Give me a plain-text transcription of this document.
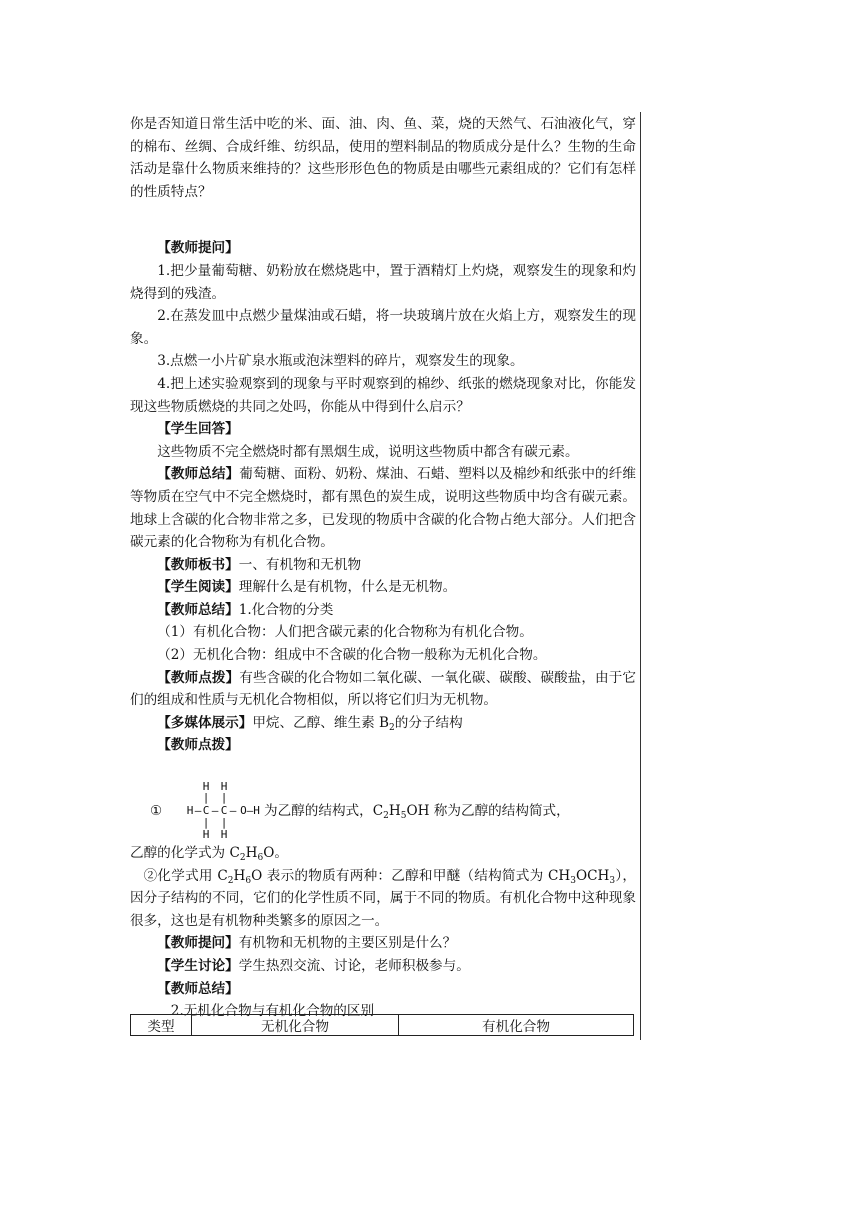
你是否知道日常生活中吃的米、面、油、肉、鱼、菜，烧的天然气、石油液化气，穿的棉布、丝绸、合成纤维、纺织品，使用的塑料制品的物质成分是什么？生物的生命活动是靠什么物质来维持的？这些形形色色的物质是由哪些元素组成的？它们有怎样的性质特点？

【教师提问】

1.把少量葡萄糖、奶粉放在燃烧匙中，置于酒精灯上灼烧，观察发生的现象和灼烧得到的残渣。

2.在蒸发皿中点燃少量煤油或石蜡，将一块玻璃片放在火焰上方，观察发生的现象。

3.点燃一小片矿泉水瓶或泡沫塑料的碎片，观察发生的现象。

4.把上述实验观察到的现象与平时观察到的棉纱、纸张的燃烧现象对比，你能发现这些物质燃烧的共同之处吗，你能从中得到什么启示？

【学生回答】

这些物质不完全燃烧时都有黑烟生成，说明这些物质中都含有碳元素。

【教师总结】葡萄糖、面粉、奶粉、煤油、石蜡、塑料以及棉纱和纸张中的纤维等物质在空气中不完全燃烧时，都有黑色的炭生成，说明这些物质中均含有碳元素。地球上含碳的化合物非常之多，已发现的物质中含碳的化合物占绝大部分。人们把含碳元素的化合物称为有机化合物。

【教师板书】一、有机物和无机物

【学生阅读】理解什么是有机物，什么是无机物。

【教师总结】1.化合物的分类

（1）有机化合物：人们把含碳元素的化合物称为有机化合物。

（2）无机化合物：组成中不含碳的化合物一般称为无机化合物。

【教师点拨】有些含碳的化合物如二氧化碳、一氧化碳、碳酸、碳酸盐，由于它们的组成和性质与无机化合物相似，所以将它们归为无机物。

【多媒体展示】甲烷、乙醇、维生素 $B_2$的分子结构

【教师点拨】

①
H H
| |
H — C — C — O—H
| |
H H
为乙醇的结构式，$C_2H_5OH$ 称为乙醇的结构简式，

乙醇的化学式为 $C_2H_6O$。

②化学式用 $C_2H_6O$ 表示的物质有两种：乙醇和甲醚（结构简式为 $CH_3OCH_3$），因分子结构的不同，它们的化学性质不同，属于不同的物质。有机化合物中这种现象很多，这也是有机物种类繁多的原因之一。

【教师提问】有机物和无机物的主要区别是什么？

【学生讨论】学生热烈交流、讨论，老师积极参与。

【教师总结】

2.无机化合物与有机化合物的区别

类型	无机化合物	有机化合物
